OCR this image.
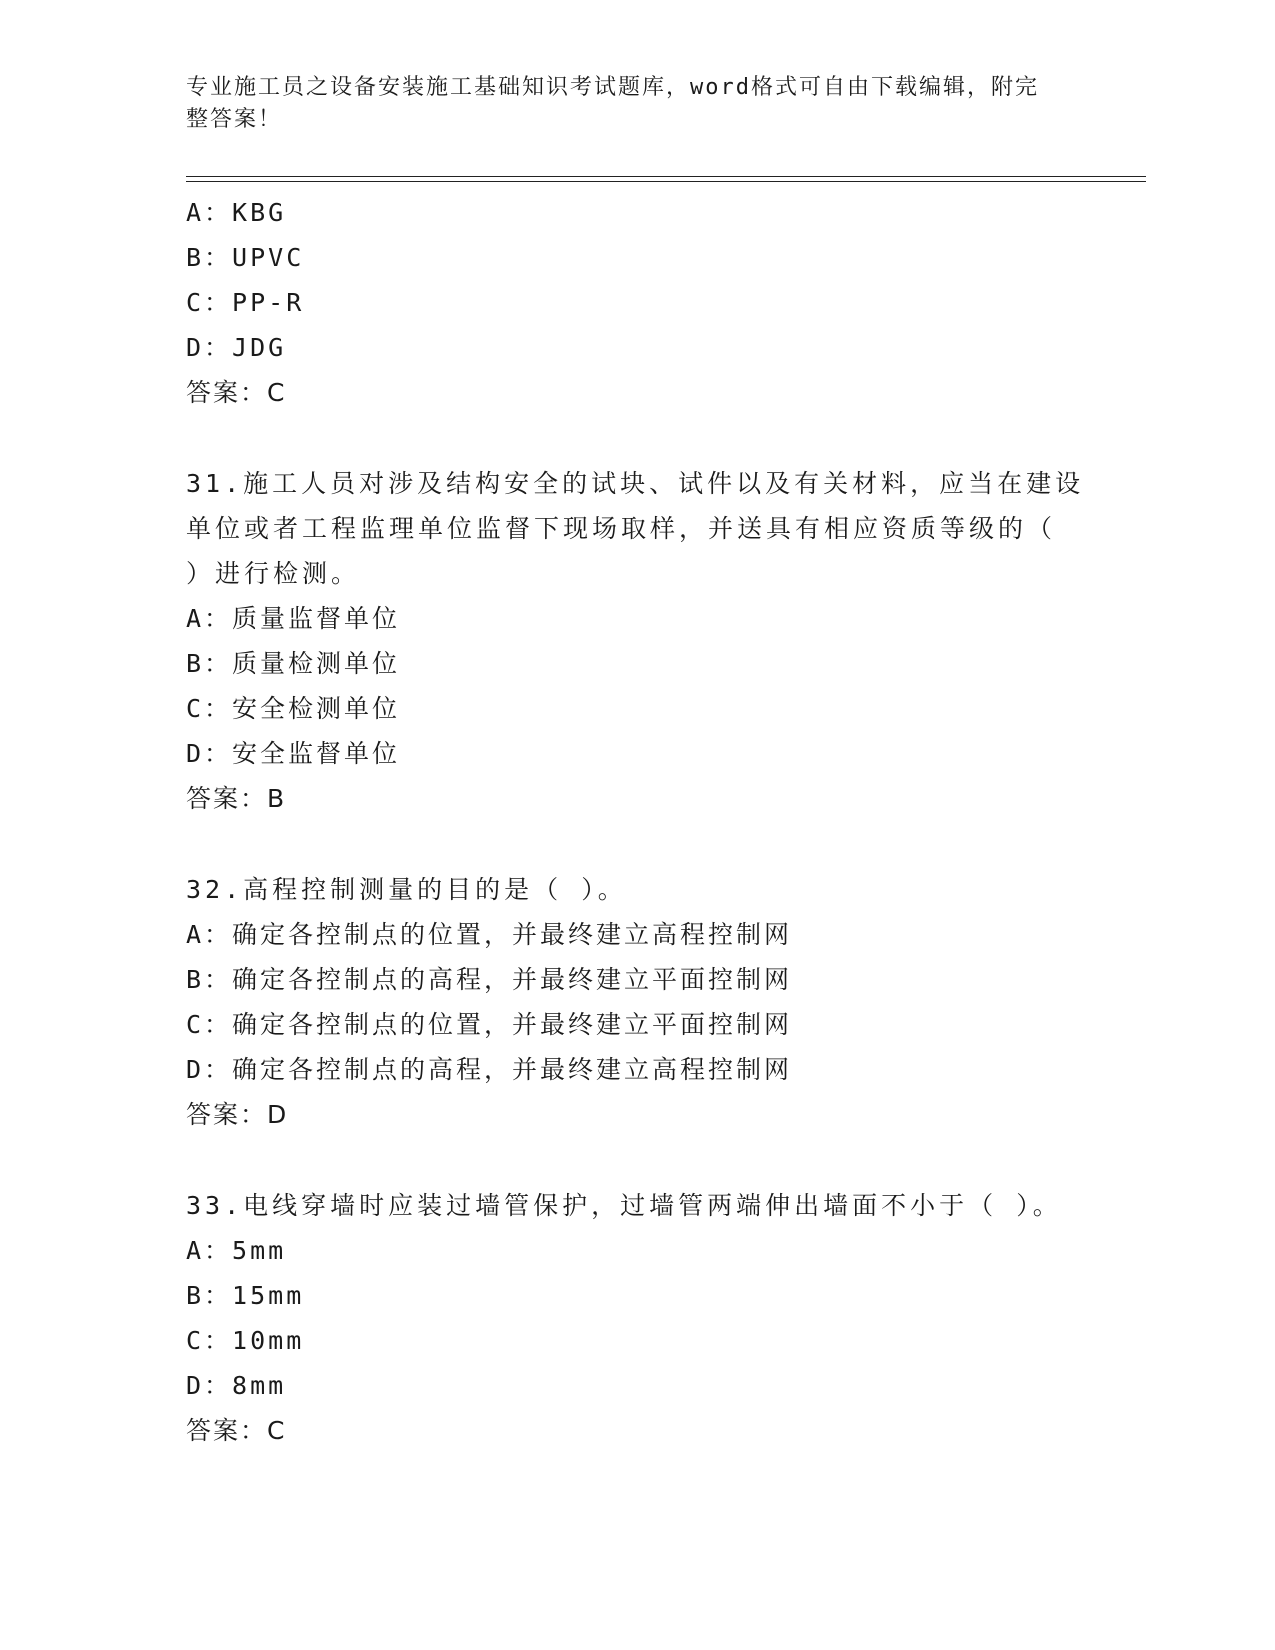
专业施工员之设备安装施工基础知识考试题库，word格式可自由下载编辑，附完
整答案！
A：KBG
B：UPVC
C：PP-R
D：JDG
答案：C
31.施工人员对涉及结构安全的试块、试件以及有关材料，应当在建设
单位或者工程监理单位监督下现场取样，并送具有相应资质等级的（
）进行检测。
A：质量监督单位
B：质量检测单位
C：安全检测单位
D：安全监督单位
答案：B
32.高程控制测量的目的是（ ）。
A：确定各控制点的位置，并最终建立高程控制网
B：确定各控制点的高程，并最终建立平面控制网
C：确定各控制点的位置，并最终建立平面控制网
D：确定各控制点的高程，并最终建立高程控制网
答案：D
33.电线穿墙时应装过墙管保护，过墙管两端伸出墙面不小于（ ）。
A：5mm
B：15mm
C：10mm
D：8mm
答案：C
